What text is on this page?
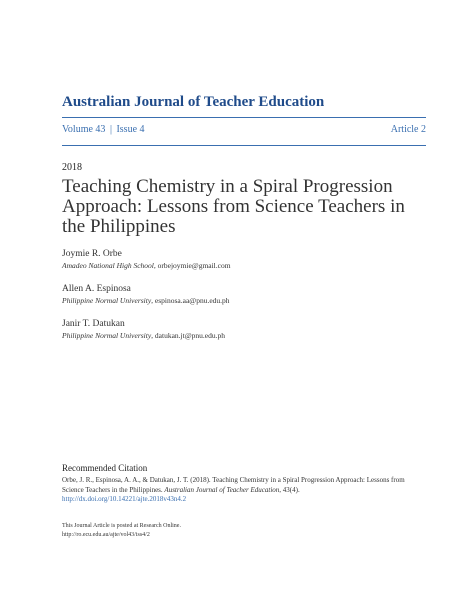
Australian Journal of Teacher Education
Volume 43 | Issue 4	Article 2
2018
Teaching Chemistry in a Spiral Progression Approach: Lessons from Science Teachers in the Philippines
Joymie R. Orbe
Amadeo National High School, orbejoymie@gmail.com
Allen A. Espinosa
Philippine Normal University, espinosa.aa@pnu.edu.ph
Janir T. Datukan
Philippine Normal University, datukan.jt@pnu.edu.ph
Recommended Citation
Orbe, J. R., Espinosa, A. A., & Datukan, J. T. (2018). Teaching Chemistry in a Spiral Progression Approach: Lessons from Science Teachers in the Philippines. Australian Journal of Teacher Education, 43(4).
http://dx.doi.org/10.14221/ajte.2018v43n4.2
This Journal Article is posted at Research Online.
http://ro.ecu.edu.au/ajte/vol43/iss4/2
